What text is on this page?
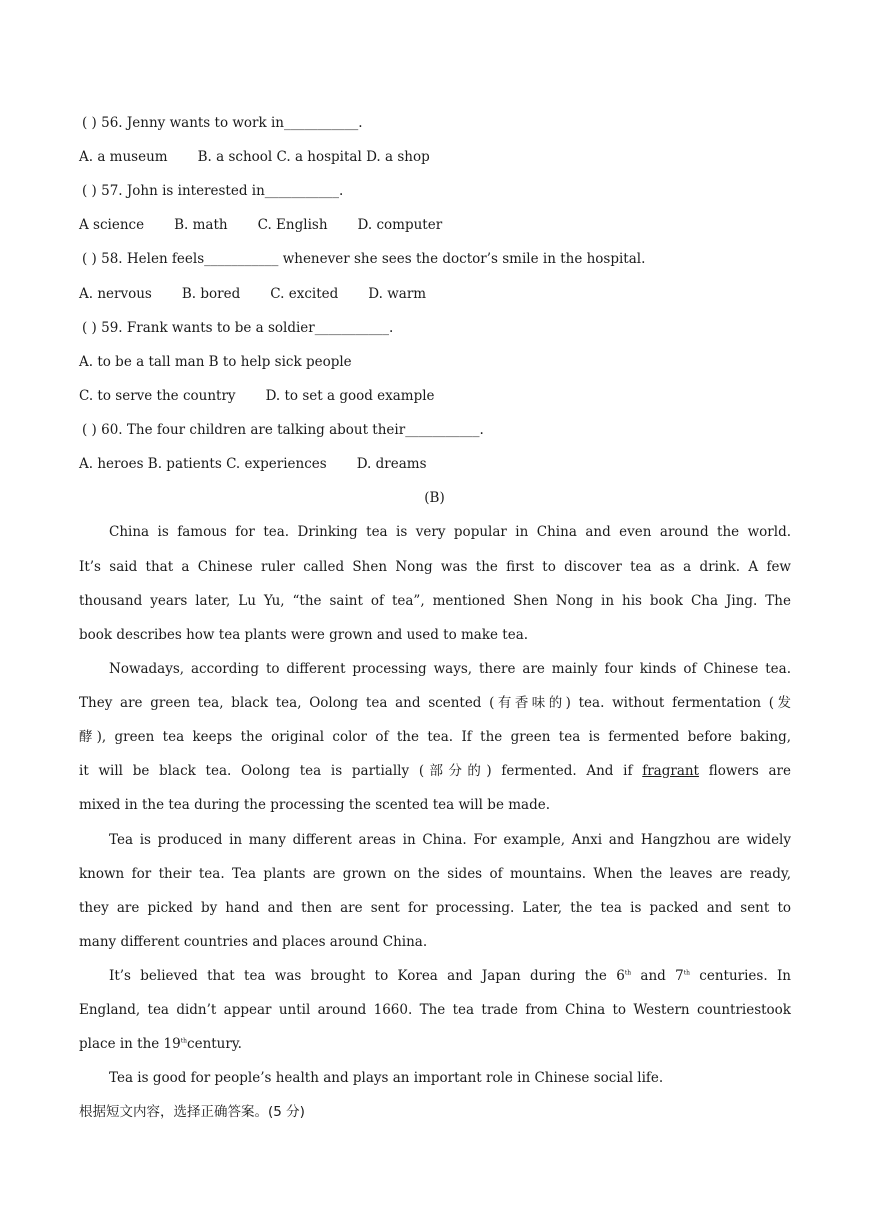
( ) 56. Jenny wants to work in___________.
A. a museum       B. a school C. a hospital D. a shop
( ) 57. John is interested in___________.
A science       B. math       C. English       D. computer
( ) 58. Helen feels___________ whenever she sees the doctor’s smile in the hospital.
A. nervous       B. bored       C. excited       D. warm
( ) 59. Frank wants to be a soldier___________.
A. to be a tall man B to help sick people
C. to serve the country       D. to set a good example
( ) 60. The four children are talking about their___________.
A. heroes B. patients C. experiences       D. dreams
(B)
China is famous for tea. Drinking tea is very popular in China and even around the world.
It’s said that a Chinese ruler called Shen Nong was the first to discover tea as a drink. A few
thousand years later, Lu Yu, “the saint of tea”, mentioned Shen Nong in his book Cha Jing. The
book describes how tea plants were grown and used to make tea.
Nowadays, according to different processing ways, there are mainly four kinds of Chinese tea.
They are green tea, black tea, Oolong tea and scented (有香味的) tea. without fermentation (发
酵), green tea keeps the original color of the tea. If the green tea is fermented before baking,
it will be black tea. Oolong tea is partially (部分的) fermented. And if fragrant flowers are
mixed in the tea during the processing the scented tea will be made.
Tea is produced in many different areas in China. For example, Anxi and Hangzhou are widely
known for their tea. Tea plants are grown on the sides of mountains. When the leaves are ready,
they are picked by hand and then are sent for processing. Later, the tea is packed and sent to
many different countries and places around China.
It’s believed that tea was brought to Korea and Japan during the 6th and 7th centuries. In
England, tea didn’t appear until around 1660. The tea trade from China to Western countriestook
place in the 19thcentury.
Tea is good for people’s health and plays an important role in Chinese social life.
根据短文内容，选择正确答案。(5 分)
